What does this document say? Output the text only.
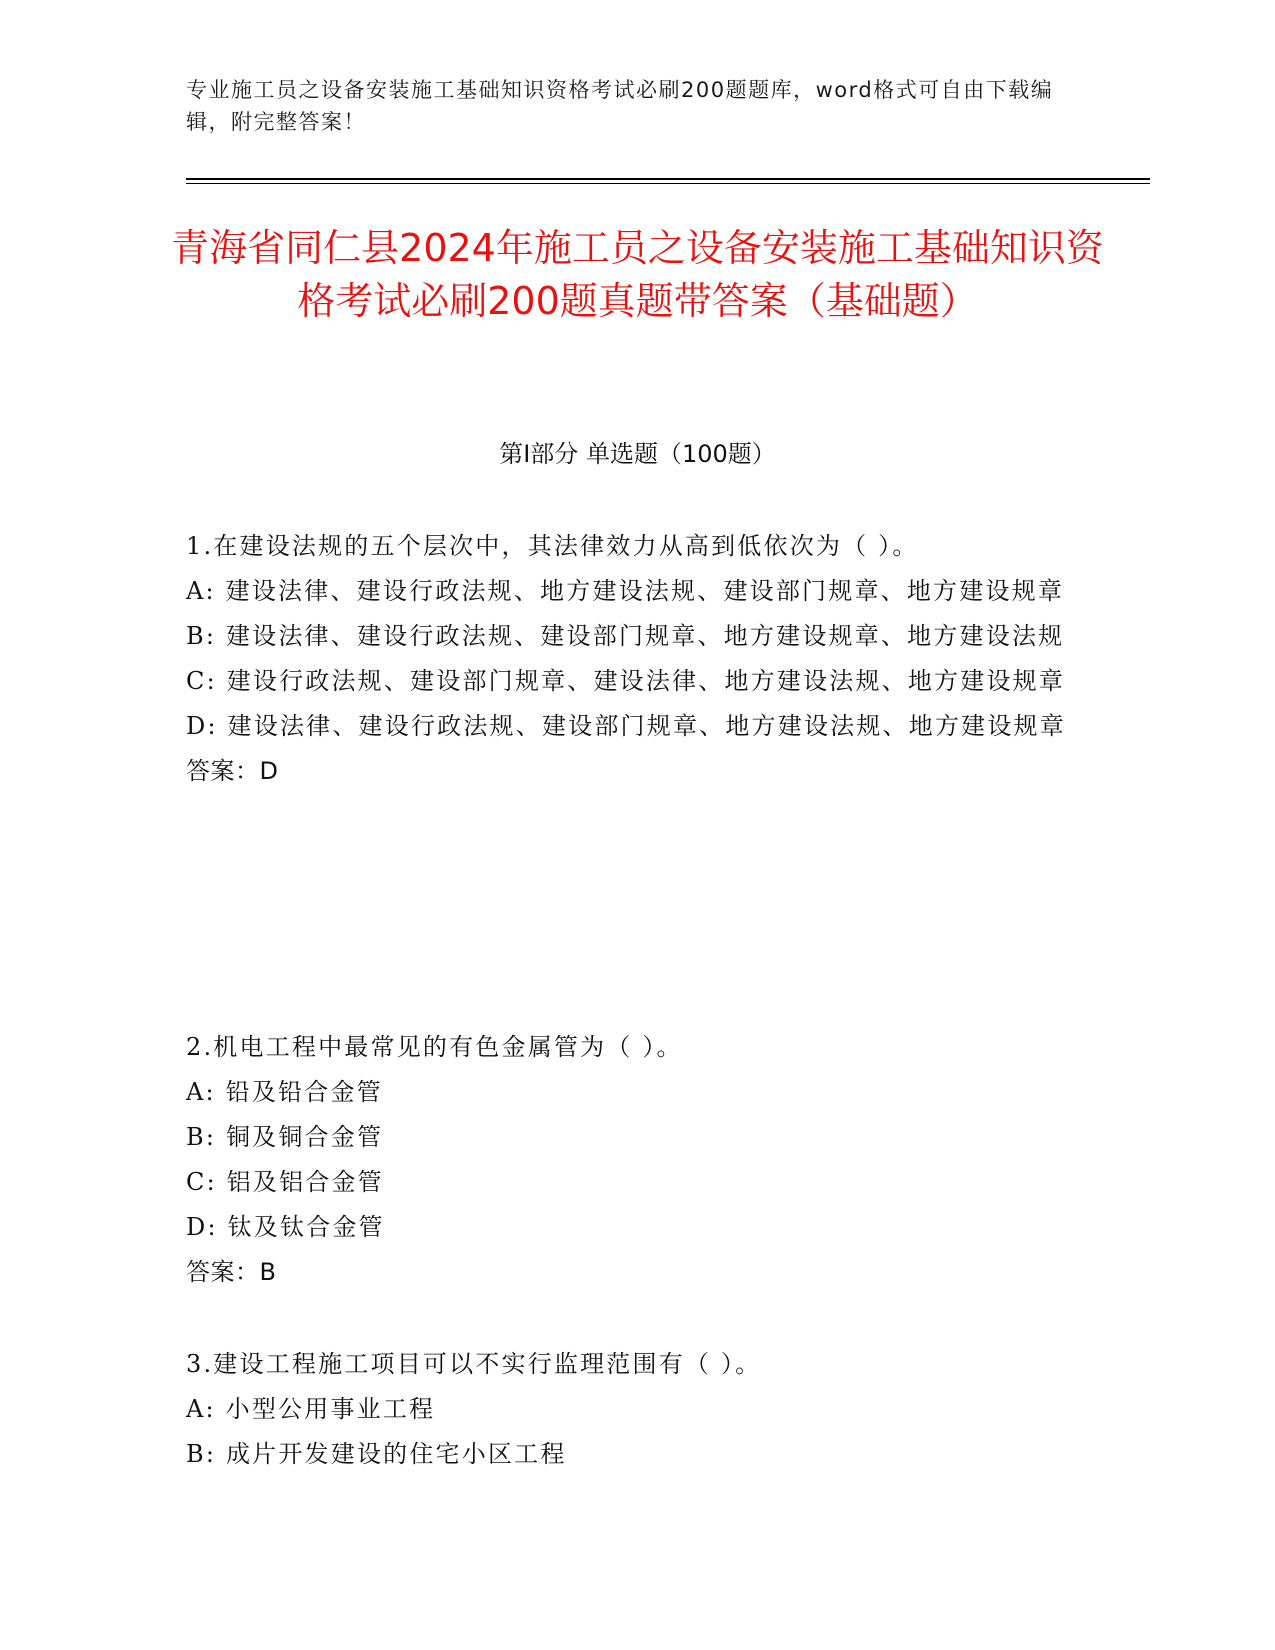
专业施工员之设备安装施工基础知识资格考试必刷200题题库，word格式可自由下载编辑，附完整答案！
青海省同仁县2024年施工员之设备安装施工基础知识资格考试必刷200题真题带答案（基础题）
第Ⅰ部分 单选题（100题）
1.在建设法规的五个层次中，其法律效力从高到低依次为（ ）。
A: 建设法律、建设行政法规、地方建设法规、建设部门规章、地方建设规章
B: 建设法律、建设行政法规、建设部门规章、地方建设规章、地方建设法规
C: 建设行政法规、建设部门规章、建设法律、地方建设法规、地方建设规章
D: 建设法律、建设行政法规、建设部门规章、地方建设法规、地方建设规章
答案：D
2.机电工程中最常见的有色金属管为（ ）。
A: 铅及铅合金管
B: 铜及铜合金管
C: 铝及铝合金管
D: 钛及钛合金管
答案：B
3.建设工程施工项目可以不实行监理范围有（ ）。
A: 小型公用事业工程
B: 成片开发建设的住宅小区工程
